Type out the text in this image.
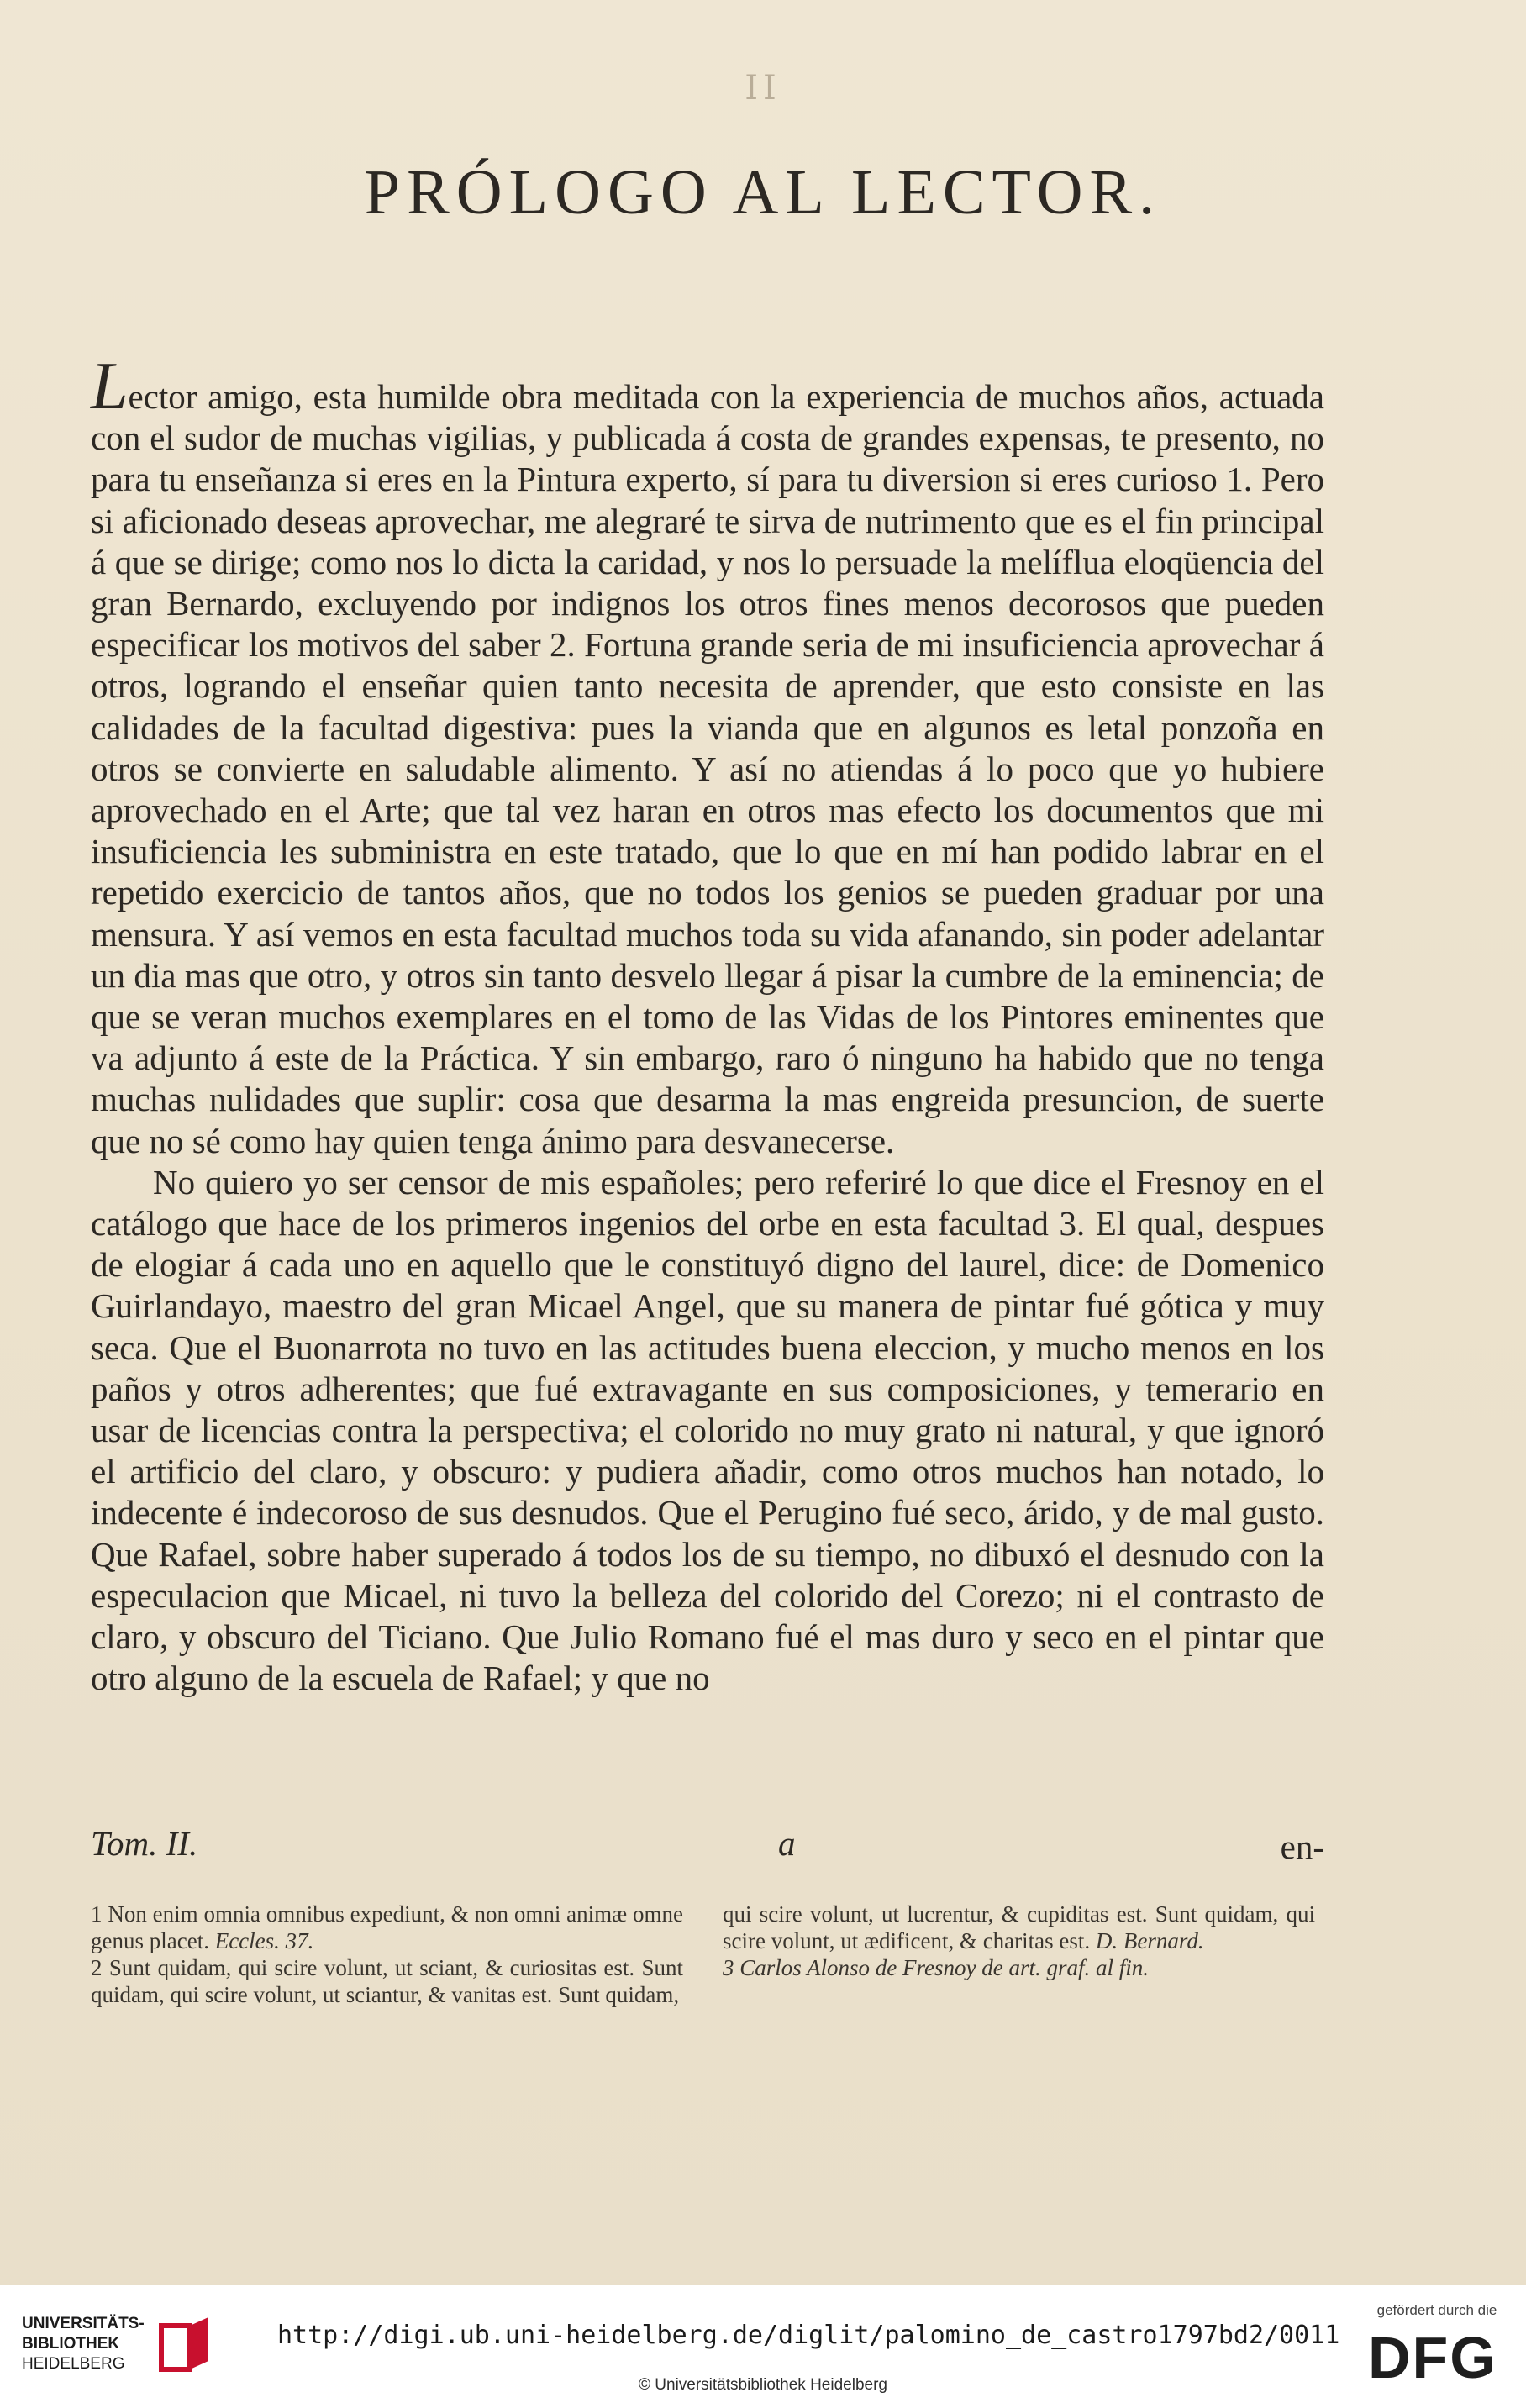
II
PRÓLOGO AL LECTOR.

Lector amigo, esta humilde obra meditada con la experiencia de muchos años, actuada con el sudor de muchas vigilias, y publicada á costa de grandes expensas, te presento, no para tu enseñanza si eres en la Pintura experto, sí para tu diversion si eres curioso 1. Pero si aficionado deseas aprovechar, me alegraré te sirva de nutrimento que es el fin principal á que se dirige; como nos lo dicta la caridad, y nos lo persuade la melíflua eloqüencia del gran Bernardo, excluyendo por indignos los otros fines menos decorosos que pueden especificar los motivos del saber 2. Fortuna grande seria de mi insuficiencia aprovechar á otros, logrando el enseñar quien tanto necesita de aprender, que esto consiste en las calidades de la facultad digestiva: pues la vianda que en algunos es letal ponzoña en otros se convierte en saludable alimento. Y así no atiendas á lo poco que yo hubiere aprovechado en el Arte; que tal vez haran en otros mas efecto los documentos que mi insuficiencia les subministra en este tratado, que lo que en mí han podido labrar en el repetido exercicio de tantos años, que no todos los genios se pueden graduar por una mensura. Y así vemos en esta facultad muchos toda su vida afanando, sin poder adelantar un dia mas que otro, y otros sin tanto desvelo llegar á pisar la cumbre de la eminencia; de que se veran muchos exemplares en el tomo de las Vidas de los Pintores eminentes que va adjunto á este de la Práctica. Y sin embargo, raro ó ninguno ha habido que no tenga muchas nulidades que suplir: cosa que desarma la mas engreida presuncion, de suerte que no sé como hay quien tenga ánimo para desvanecerse.

No quiero yo ser censor de mis españoles; pero referiré lo que dice el Fresnoy en el catálogo que hace de los primeros ingenios del orbe en esta facultad 3. El qual, despues de elogiar á cada uno en aquello que le constituyó digno del laurel, dice: de Domenico Guirlandayo, maestro del gran Micael Angel, que su manera de pintar fué gótica y muy seca. Que el Buonarrota no tuvo en las actitudes buena eleccion, y mucho menos en los paños y otros adherentes; que fué extravagante en sus composiciones, y temerario en usar de licencias contra la perspectiva; el colorido no muy grato ni natural, y que ignoró el artificio del claro, y obscuro: y pudiera añadir, como otros muchos han notado, lo indecente é indecoroso de sus desnudos. Que el Perugino fué seco, árido, y de mal gusto. Que Rafael, sobre haber superado á todos los de su tiempo, no dibuxó el desnudo con la especulacion que Micael, ni tuvo la belleza del colorido del Corezo; ni el contrasto de claro, y obscuro del Ticiano. Que Julio Romano fué el mas duro y seco en el pintar que otro alguno de la escuela de Rafael; y que no

Tom. II.	a	en-

1 Non enim omnia omnibus expediunt, & non omni animæ omne genus placet. Eccles. 37.

2 Sunt quidam, qui scire volunt, ut sciant, & curiositas est. Sunt quidam, qui scire volunt, ut sciantur, & vanitas est. Sunt quidam,

qui scire volunt, ut lucrentur, & cupiditas est. Sunt quidam, qui scire volunt, ut ædificent, & charitas est. D. Bernard.

3 Carlos Alonso de Fresnoy de art. graf. al fin.

UNIVERSITÄTS-
BIBLIOTHEK
HEIDELBERG
http://digi.ub.uni-heidelberg.de/diglit/palomino_de_castro1797bd2/0011
© Universitätsbibliothek Heidelberg
gefördert durch die
DFG
